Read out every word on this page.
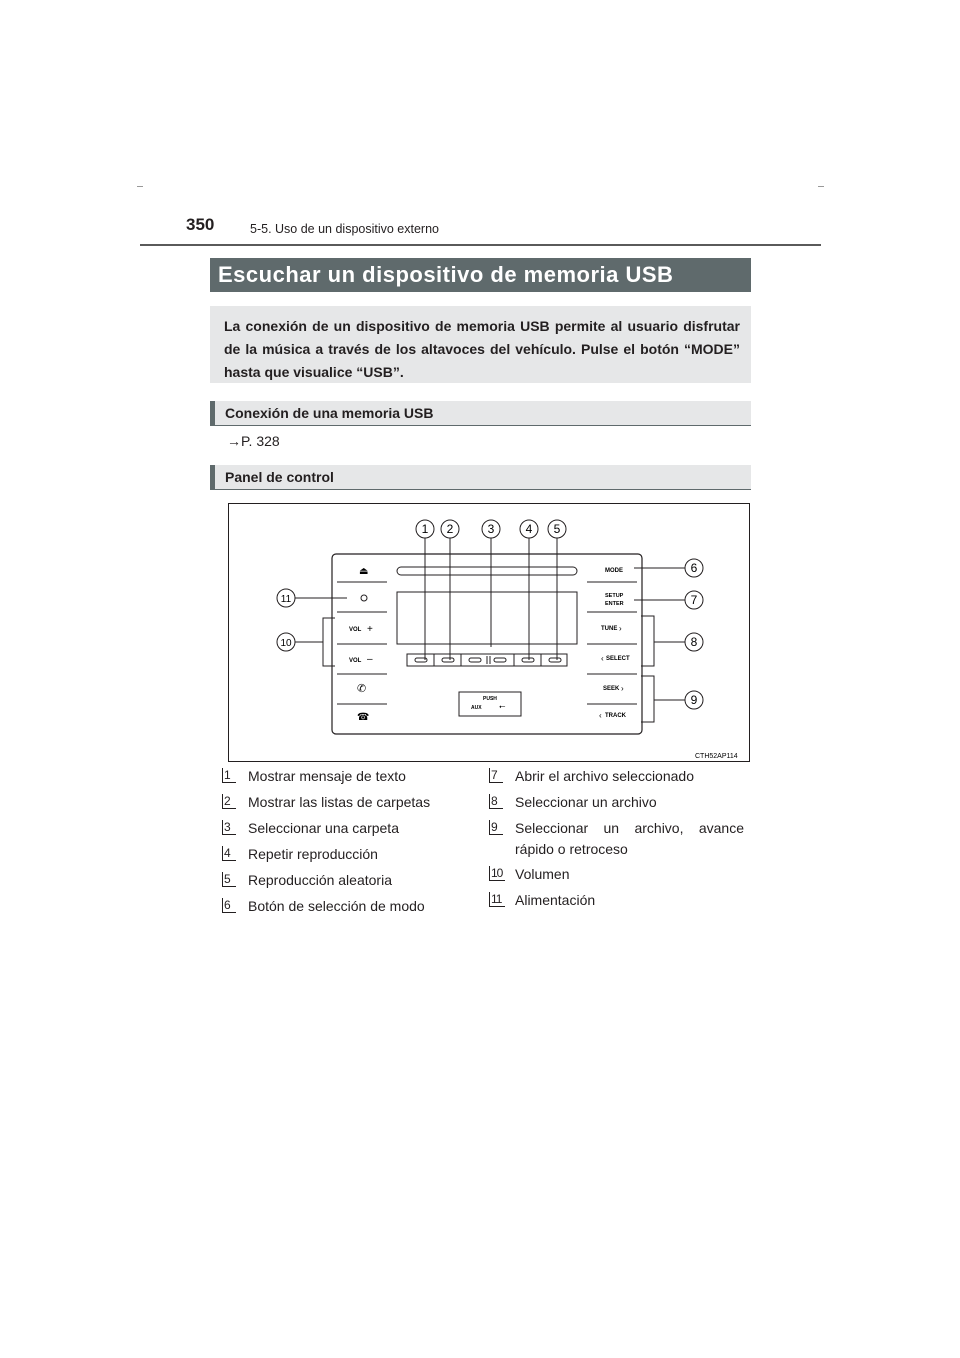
350	5-5. Uso de un dispositivo externo
Escuchar un dispositivo de memoria USB
La conexión de un dispositivo de memoria USB permite al usuario disfrutar de la música a través de los altavoces del vehículo. Pulse el botón “MODE” hasta que visualice “USB”.
Conexión de una memoria USB
→P. 328
Panel de control
PUSH
AUX ⭠
⏏
VOL +
VOL –
✆
☎
MODE
SETUP
ENTER
TUNE ›
‹ SELECT
SEEK ›
‹ TRACK
1 2	3	4 5
6
7
8
9
10
11
CTH52AP114
1	Mostrar mensaje de texto
2	Mostrar las listas de carpetas
3	Seleccionar una carpeta
4	Repetir reproducción
5	Reproducción aleatoria
6	Botón de selección de modo
7	Abrir el archivo seleccionado
8	Seleccionar un archivo
9	Seleccionar un archivo, avance rápido o retroceso
10 Volumen
11 Alimentación
